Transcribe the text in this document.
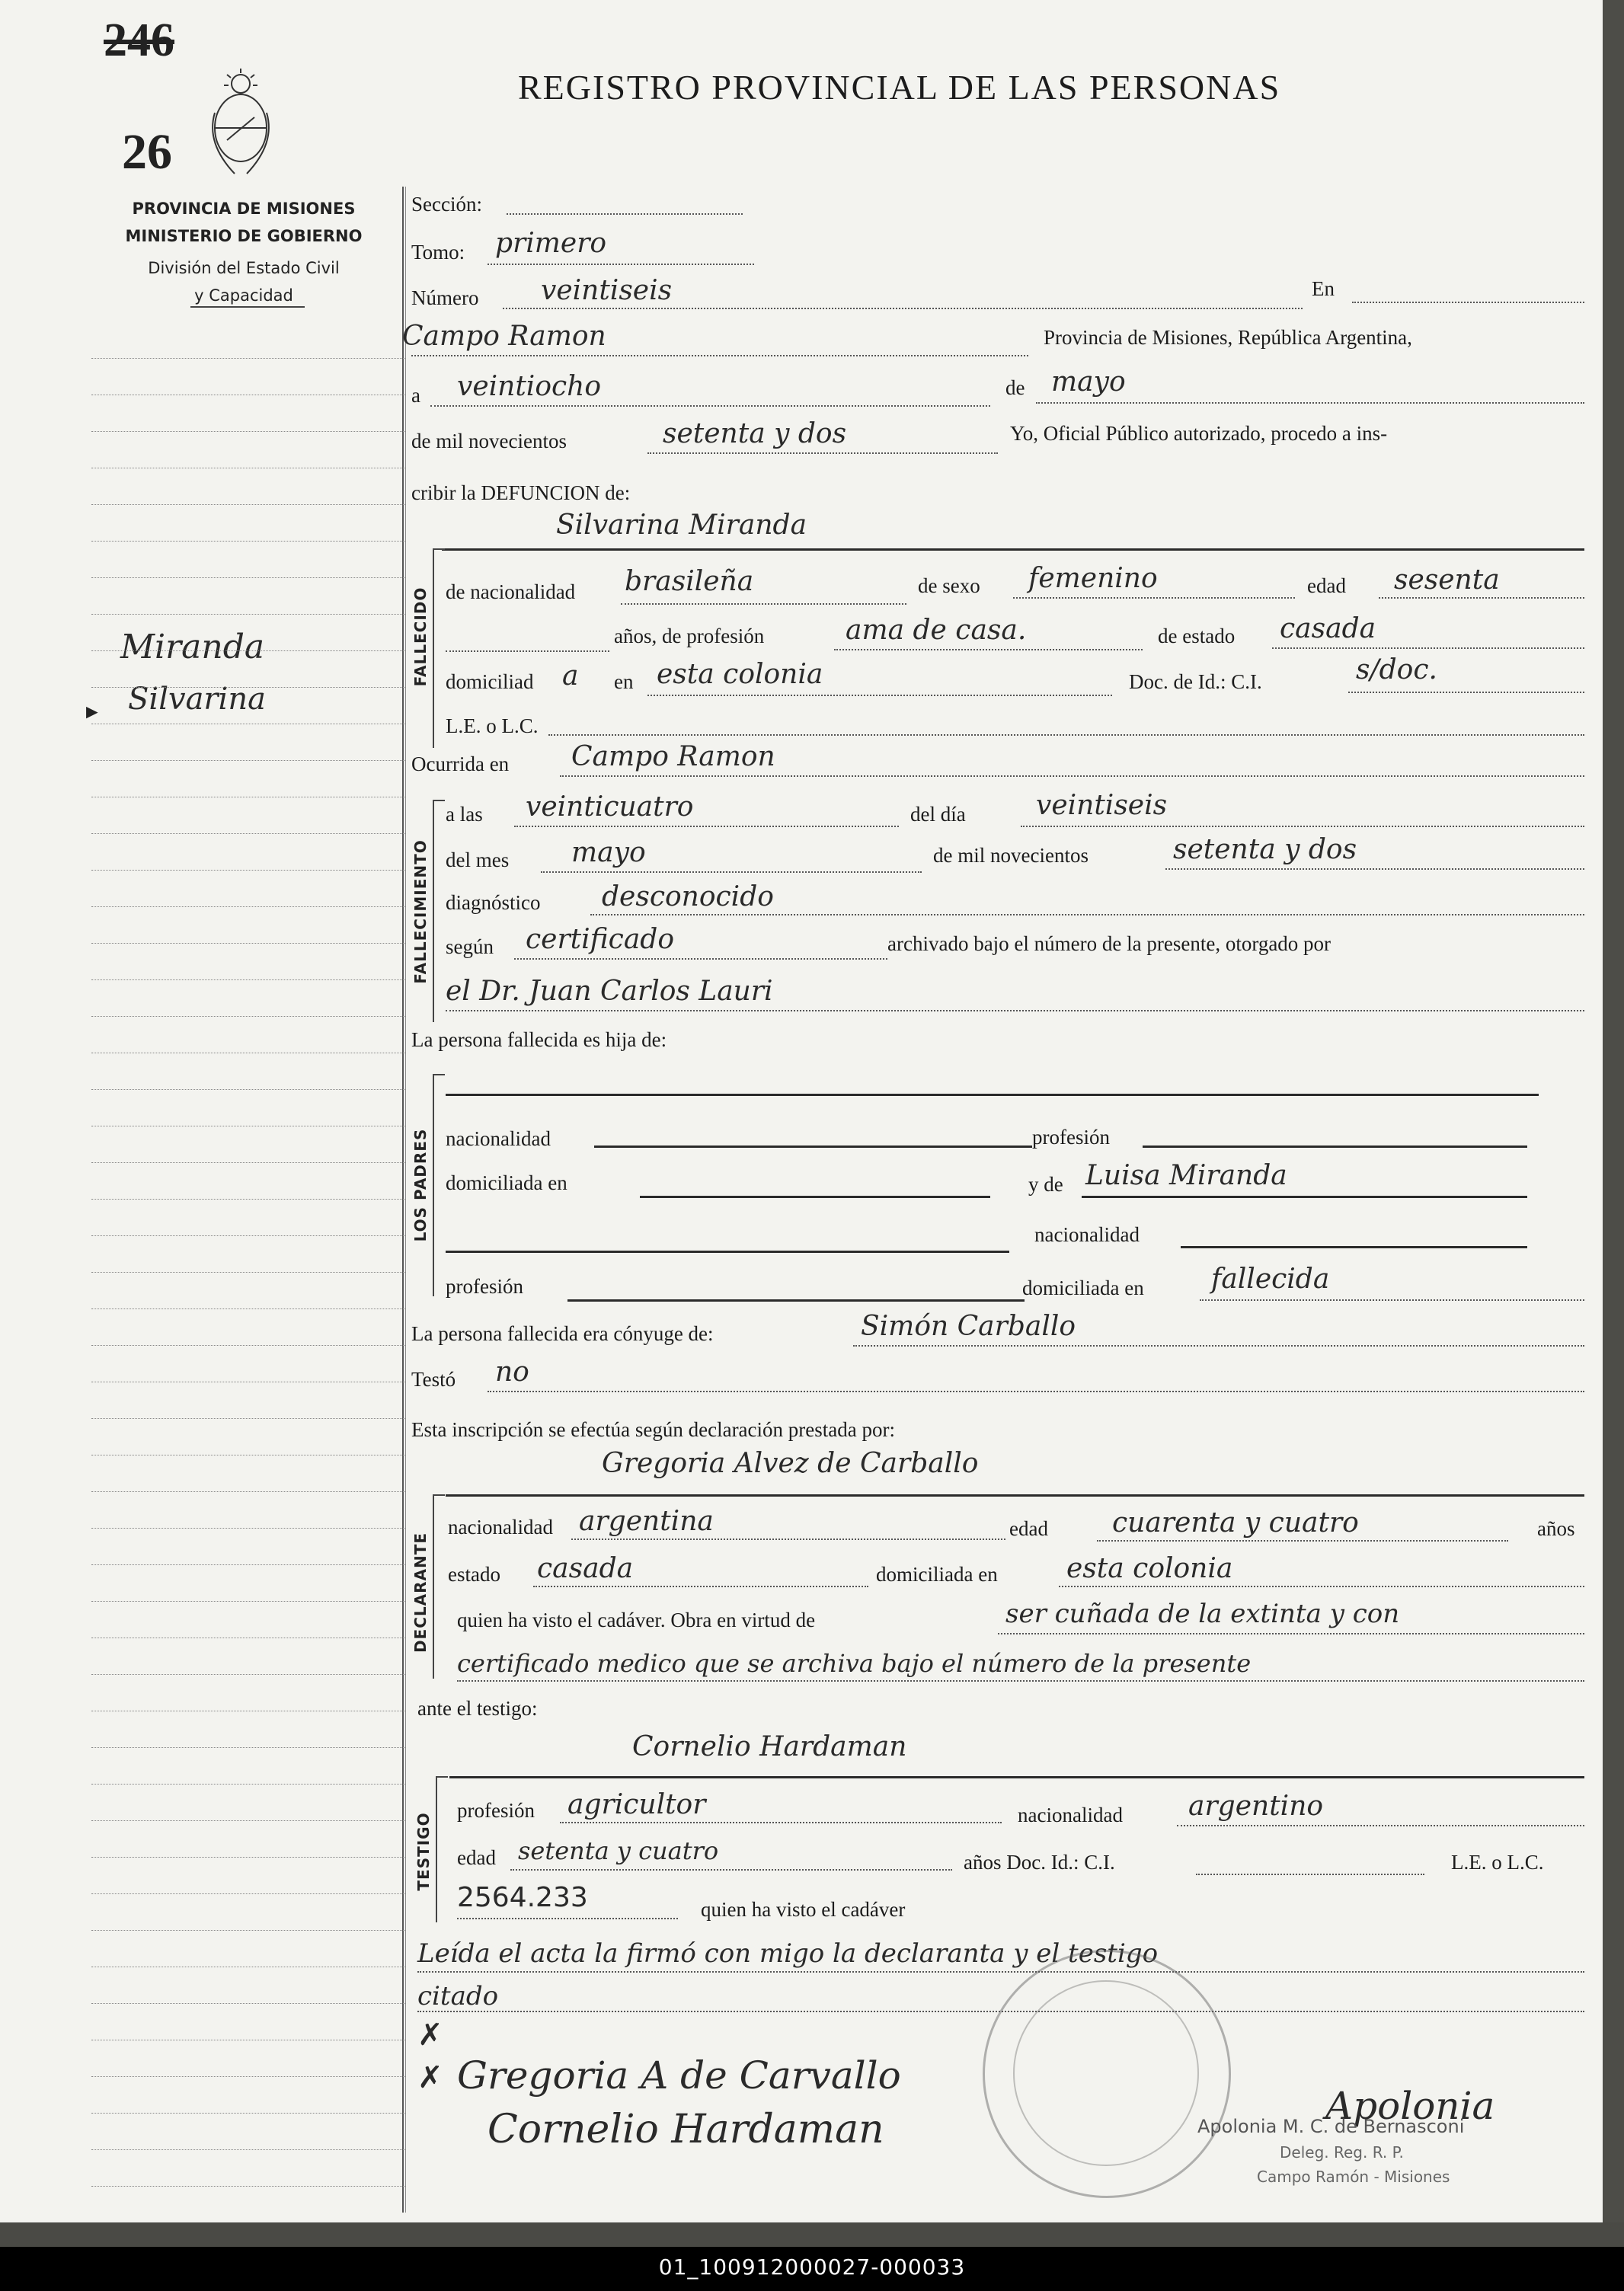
246
26
PROVINCIA DE MISIONES
MINISTERIO DE GOBIERNO
División del Estado Civil
y Capacidad
REGISTRO PROVINCIAL DE LAS PERSONAS
Miranda
Silvarina
►
Sección:
Tomo: primero
Número veintiseis	En
Campo Ramon	Provincia de Misiones, República Argentina,
a veintiocho	de mayo
de mil novecientos	setenta y dos	Yo, Oficial Público autorizado, procedo a ins-
cribir la DEFUNCION de:
Silvarina Miranda
FALLECIDO de nacionalidad brasileña	de sexo femenino	edad sesenta
años, de profesión	ama de casa.	de estado casada
domiciliad a en esta colonia	Doc. de Id.: C.I.	s/doc.
L.E. o L.C.
Ocurrida en Campo Ramon
FALLECIMIENTO
a las veinticuatro	del día	veintiseis
del mes mayo	de mil novecientos	setenta y dos
diagnóstico desconocido
según certificado	archivado bajo el número de la presente, otorgado por
el Dr. Juan Carlos Lauri
La persona fallecida es hija de:
LOS PADRES nacionalidad	profesión
domiciliada en	y de Luisa Miranda
nacionalidad
profesión	domiciliada en fallecida
La persona fallecida era cónyuge de:	Simón Carballo
Testó no
Esta inscripción se efectúa según declaración prestada por:
Gregoria Alvez de Carballo
DECLARANTE
nacionalidad argentina	edad cuarenta y cuatro	años
estado casada	domiciliada en	esta colonia
quien ha visto el cadáver. Obra en virtud de	ser cuñada de la extinta y con
certificado medico que se archiva bajo el número de la presente
ante el testigo:
Cornelio Hardaman
TESTIGO
profesión agricultor	nacionalidad argentino
edad setenta y cuatro	años Doc. Id.: C.I.	L.E. o L.C.
2564.233	quien ha visto el cadáver
Leída el acta la firmó con migo la declaranta y el testigo
citado
✗
✗ Gregoria A de Carvallo
Cornelio Hardaman
Apolonia
Apolonia M. C. de Bernasconi
Deleg. Reg. R. P.
Campo Ramón - Misiones
01_100912000027-000033
